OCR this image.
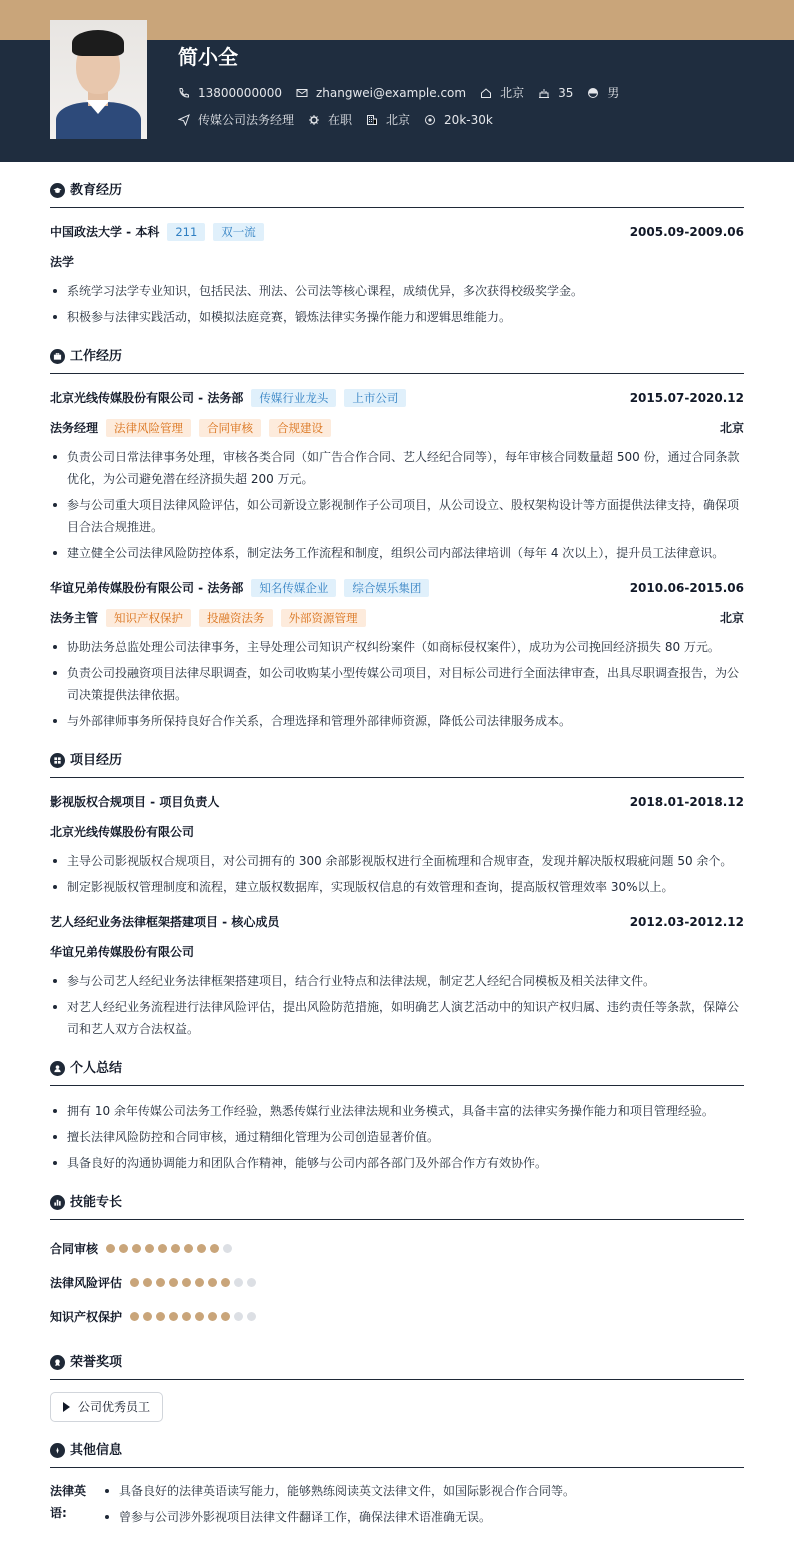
简小全
13800000000	zhangwei@example.com	北京	35	男
传媒公司法务经理	在职	北京	20k-30k
教育经历
中国政法大学 - 本科	211	双一流	2005.09-2009.06
法学
系统学习法学专业知识，包括民法、刑法、公司法等核心课程，成绩优异，多次获得校级奖学金。
积极参与法律实践活动，如模拟法庭竞赛，锻炼法律实务操作能力和逻辑思维能力。
工作经历
北京光线传媒股份有限公司 - 法务部	传媒行业龙头	上市公司	2015.07-2020.12
法务经理	法律风险管理	合同审核	合规建设	北京
负责公司日常法律事务处理，审核各类合同（如广告合作合同、艺人经纪合同等），每年审核合同数量超 500 份，通过合同条款优化，为公司避免潜在经济损失超 200 万元。
参与公司重大项目法律风险评估，如公司新设立影视制作子公司项目，从公司设立、股权架构设计等方面提供法律支持，确保项目合法合规推进。
建立健全公司法律风险防控体系，制定法务工作流程和制度，组织公司内部法律培训（每年 4 次以上），提升员工法律意识。
华谊兄弟传媒股份有限公司 - 法务部	知名传媒企业	综合娱乐集团	2010.06-2015.06
法务主管	知识产权保护	投融资法务	外部资源管理	北京
协助法务总监处理公司法律事务，主导处理公司知识产权纠纷案件（如商标侵权案件），成功为公司挽回经济损失 80 万元。
负责公司投融资项目法律尽职调查，如公司收购某小型传媒公司项目，对目标公司进行全面法律审查，出具尽职调查报告，为公司决策提供法律依据。
与外部律师事务所保持良好合作关系，合理选择和管理外部律师资源，降低公司法律服务成本。
项目经历
影视版权合规项目 - 项目负责人	2018.01-2018.12
北京光线传媒股份有限公司
主导公司影视版权合规项目，对公司拥有的 300 余部影视版权进行全面梳理和合规审查，发现并解决版权瑕疵问题 50 余个。
制定影视版权管理制度和流程，建立版权数据库，实现版权信息的有效管理和查询，提高版权管理效率 30%以上。
艺人经纪业务法律框架搭建项目 - 核心成员	2012.03-2012.12
华谊兄弟传媒股份有限公司
参与公司艺人经纪业务法律框架搭建项目，结合行业特点和法律法规，制定艺人经纪合同模板及相关法律文件。
对艺人经纪业务流程进行法律风险评估，提出风险防范措施，如明确艺人演艺活动中的知识产权归属、违约责任等条款，保障公司和艺人双方合法权益。
个人总结
拥有 10 余年传媒公司法务工作经验，熟悉传媒行业法律法规和业务模式，具备丰富的法律实务操作能力和项目管理经验。
擅长法律风险防控和合同审核，通过精细化管理为公司创造显著价值。
具备良好的沟通协调能力和团队合作精神，能够与公司内部各部门及外部合作方有效协作。
技能专长
合同审核
法律风险评估
知识产权保护
荣誉奖项
公司优秀员工
其他信息
法律英语:
具备良好的法律英语读写能力，能够熟练阅读英文法律文件，如国际影视合作合同等。
曾参与公司涉外影视项目法律文件翻译工作，确保法律术语准确无误。
